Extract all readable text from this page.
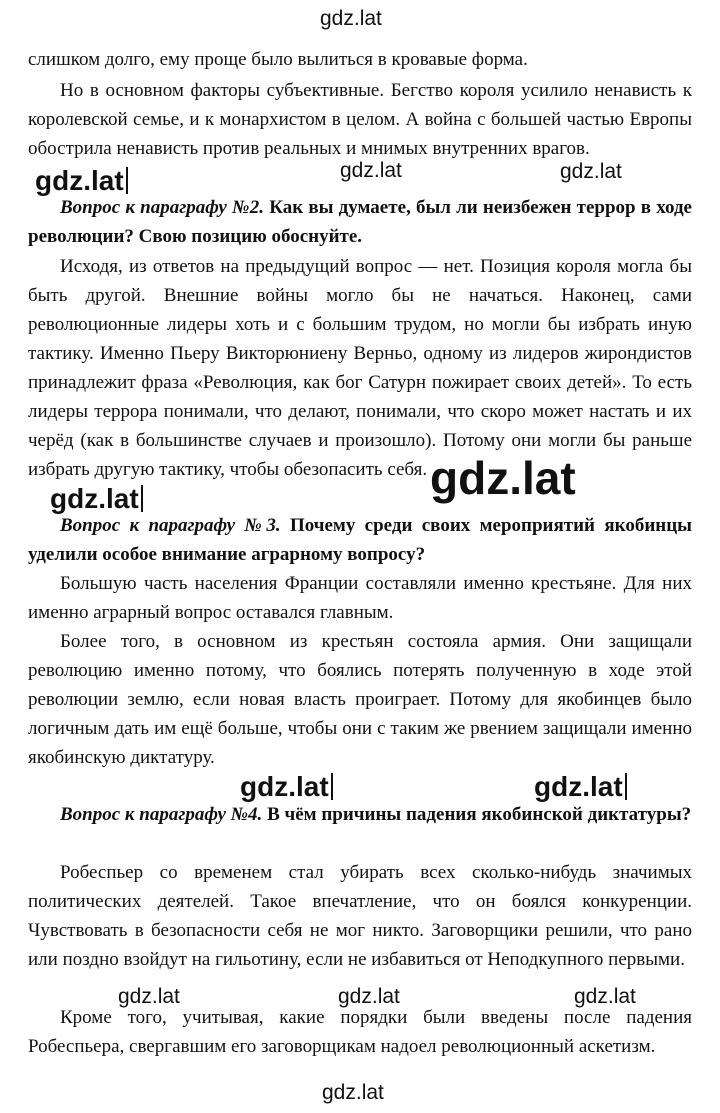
gdz.lat

слишком долго, ему проще было вылиться в кровавые форма.

Но в основном факторы субъективные. Бегство короля усилило ненависть к королевской семье, и к монархистом в целом. А война с большей частью Европы обострила ненависть против реальных и мнимых внутренних врагов.

gdz.lat	gdz.lat	gdz.lat

Вопрос к параграфу №2. Как вы думаете, был ли неизбежен террор в ходе революции? Свою позицию обоснуйте.

Исходя, из ответов на предыдущий вопрос — нет. Позиция короля могла бы быть другой. Внешние войны могло бы не начаться. Наконец, сами революционные лидеры хоть и с большим трудом, но могли бы избрать иную тактику. Именно Пьеру Викторюниену Верньо, одному из лидеров жирондистов принадлежит фраза «Революция, как бог Сатурн пожирает своих детей». То есть лидеры террора понимали, что делают, понимали, что скоро может настать и их черёд (как в большинстве случаев и произошло). Потому они могли бы раньше избрать другую тактику, чтобы обезопасить себя. gdz.lat
gdz.lat

Вопрос к параграфу №3. Почему среди своих мероприятий якобинцы уделили особое внимание аграрному вопросу?

Большую часть населения Франции составляли именно крестьяне. Для них именно аграрный вопрос оставался главным.

Более того, в основном из крестьян состояла армия. Они защищали революцию именно потому, что боялись потерять полученную в ходе этой революции землю, если новая власть проиграет. Потому для якобинцев было логичным дать им ещё больше, чтобы они с таким же рвением защищали именно якобинскую диктатуру.

gdz.lat	gdz.lat

Вопрос к параграфу №4. В чём причины падения якобинской диктатуры?

Робеспьер со временем стал убирать всех сколько-нибудь значимых политических деятелей. Такое впечатление, что он боялся конкуренции. Чувствовать в безопасности себя не мог никто. Заговорщики решили, что рано или поздно взойдут на гильотину, если не избавиться от Неподкупного первыми.

gdz.lat	gdz.lat	gdz.lat

Кроме того, учитывая, какие порядки были введены после падения Робеспьера, свергавшим его заговорщикам надоел революционный аскетизм.

gdz.lat
